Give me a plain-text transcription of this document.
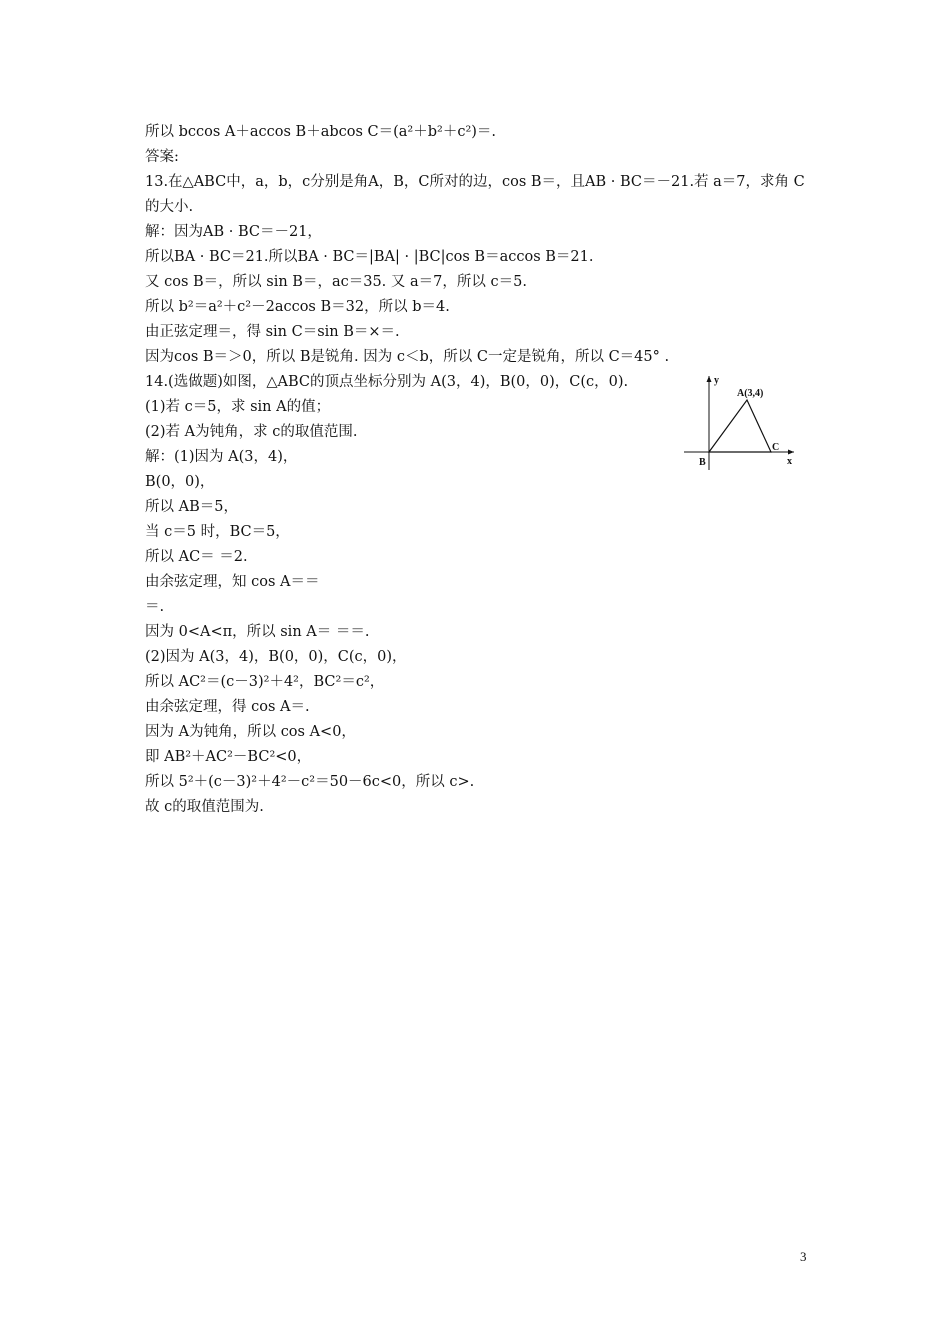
所以 bccos A＋accos B＋abcos C＝(a²＋b²＋c²)＝.
答案:
13.在△ABC中，a，b，c分别是角A，B，C所对的边，cos B＝，且AB · BC＝－21.若 a＝7，求角 C
的大小.
解：因为AB · BC＝－21，
所以BA · BC＝21.所以BA · BC＝|BA| · |BC|cos B＝accos B＝21.
又 cos B＝，所以 sin B＝，ac＝35. 又 a＝7，所以 c＝5.
所以 b²＝a²＋c²－2accos B＝32，所以 b＝4.
由正弦定理＝，得 sin C＝sin B＝×＝.
因为cos B＝＞0，所以 B是锐角. 因为 c＜b，所以 C一定是锐角，所以 C＝45° .
14.(选做题)如图，△ABC的顶点坐标分别为 A(3，4)，B(0，0)，C(c，0).
(1)若 c＝5，求 sin A的值；
(2)若 A为钝角，求 c的取值范围.
解：(1)因为 A(3，4)，
B(0，0)，
所以 AB＝5，
当 c＝5 时，BC＝5，
所以 AC＝ ＝2.
由余弦定理，知 cos A＝＝
＝.
因为 0<A<π，所以 sin A＝ ＝＝.
(2)因为 A(3，4)，B(0，0)，C(c，0)，
所以 AC²＝(c－3)²＋4²，BC²＝c²，
由余弦定理，得 cos A＝.
因为 A为钝角，所以 cos A<0，
即 AB²＋AC²－BC²<0，
所以 5²＋(c－3)²＋4²－c²＝50－6c<0，所以 c>.
故 c的取值范围为.
y
x
A(3,4)
B
C
3
